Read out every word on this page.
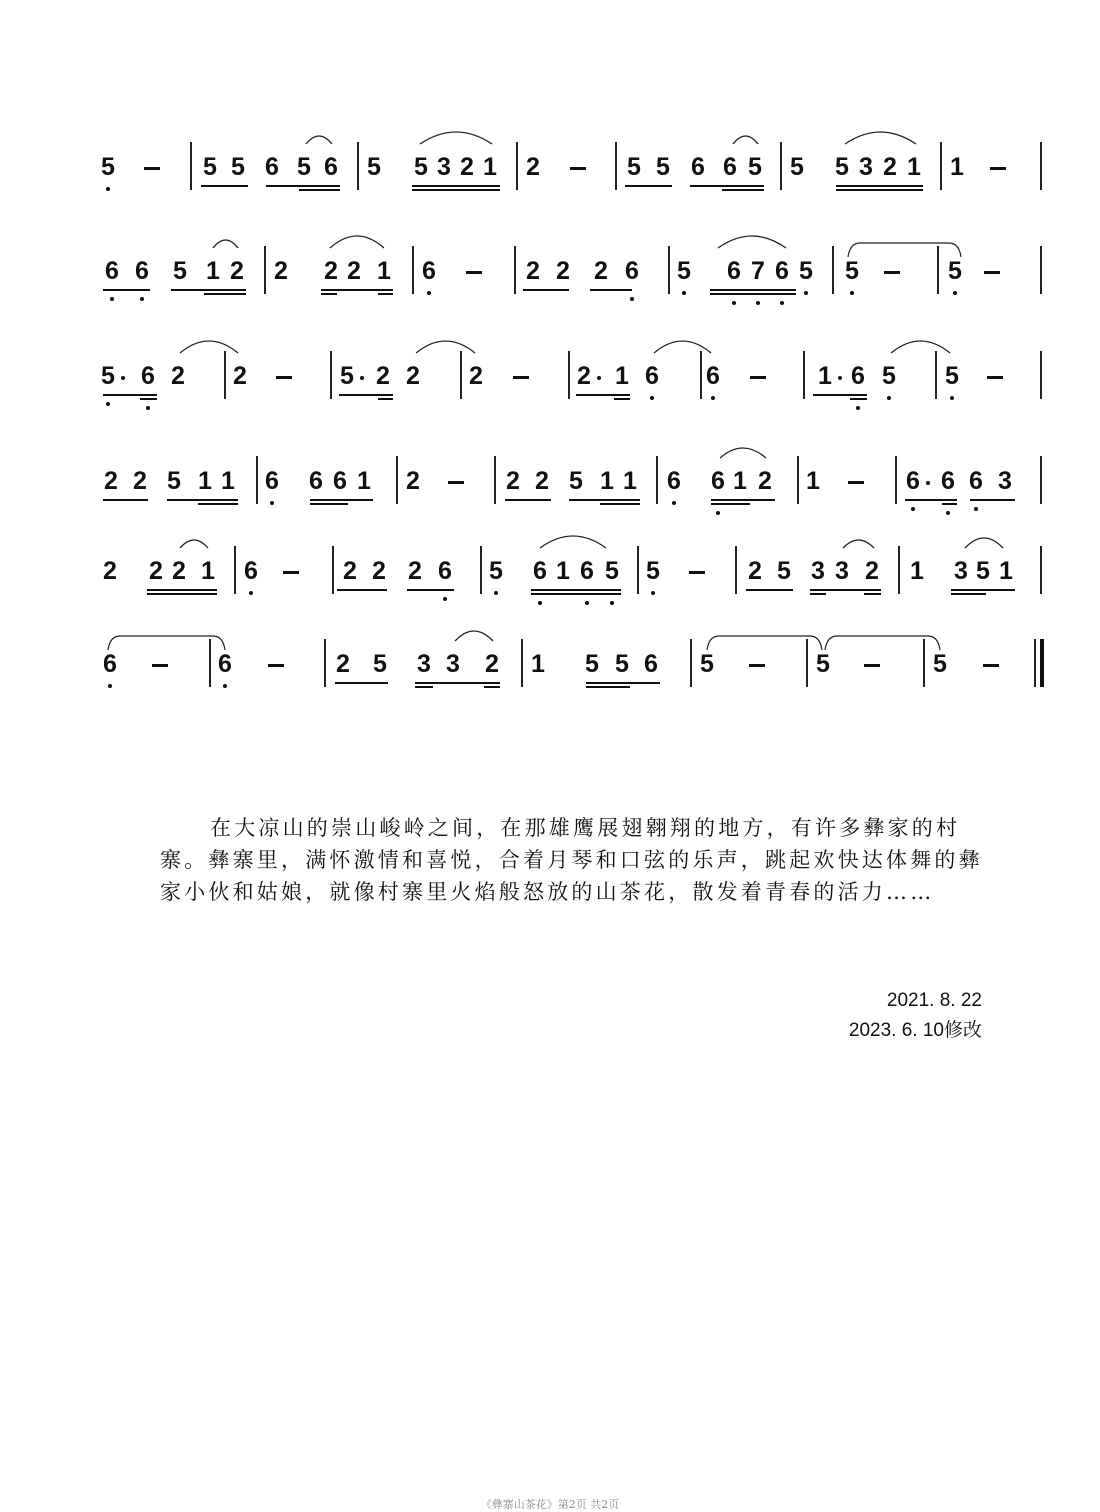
5	5 5 6 5 6 5 5 3 2 1 2	5 5 6 6 5 5 5 3 2 1 1
6 6 5 1 2 2 2 2 1 6	2 2 2 6 5 6 7 6 5 5	5
5 6 2 2	5 2 2 2	2 1 6 6	1 6 5 5
2 2 5 1 1 6 6 6 1 2	2 2 5 1 1 6 6 1 2 1	6 6 6 3
2 2 2 1 6	2 2 2 6 5 6 1 6 5 5	2 5 3 3 2 1 3 5 1
6	6	2 5 3 3 2 1 5 5 6 5	5	5

在大凉山的崇山峻岭之间，在那雄鹰展翅翱翔的地方，有许多彝家的村寨。彝寨里，满怀激情和喜悦，合着月琴和口弦的乐声，跳起欢快达体舞的彝家小伙和姑娘，就像村寨里火焰般怒放的山茶花，散发着青春的活力……

2021. 8. 22
2023. 6. 10修改
《彝寨山茶花》第2页 共2页
